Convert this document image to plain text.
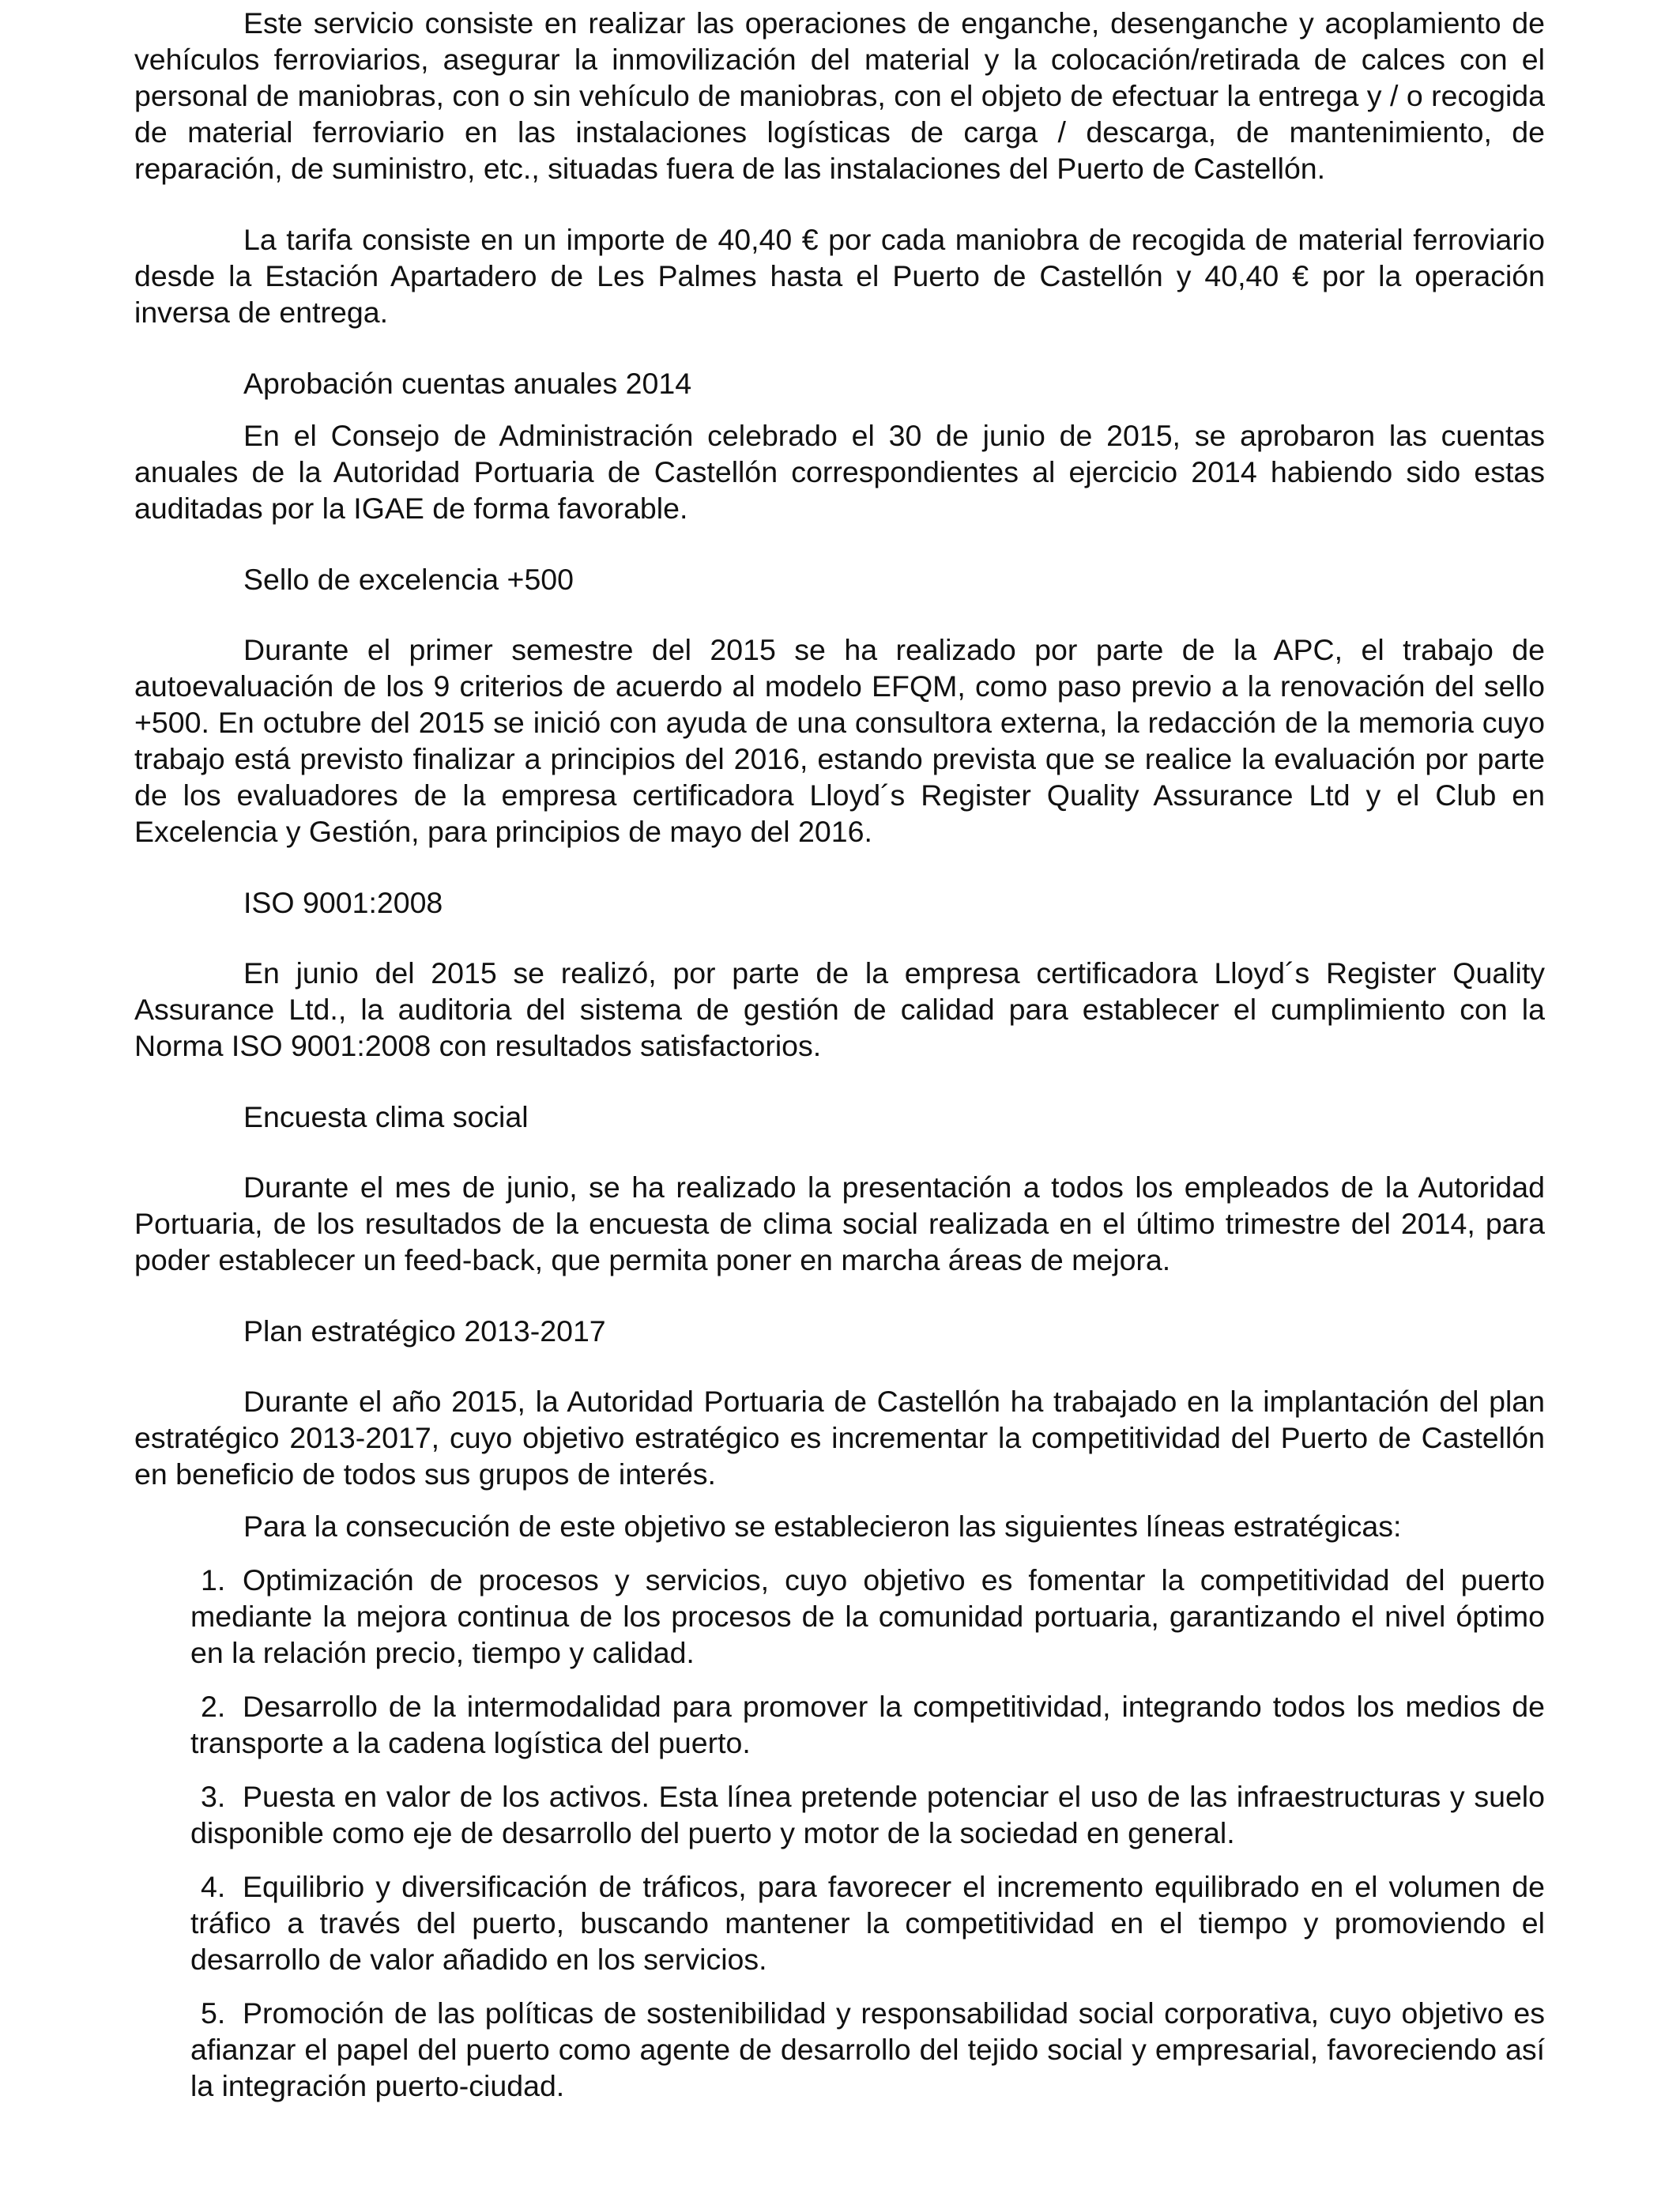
Este servicio consiste en realizar las operaciones de enganche, desenganche y acoplamiento de vehículos ferroviarios, asegurar la inmovilización del material y la colocación/retirada de calces con el personal de maniobras, con o sin vehículo de maniobras, con el objeto de efectuar la entrega y / o recogida de material ferroviario en las instalaciones logísticas de carga / descarga, de mantenimiento, de reparación, de suministro, etc., situadas fuera de las instalaciones del Puerto de Castellón.

La tarifa consiste en un importe de 40,40 € por cada maniobra de recogida de material ferroviario desde la Estación Apartadero de Les Palmes hasta el Puerto de Castellón y 40,40 € por la operación inversa de entrega.

Aprobación cuentas anuales 2014

En el Consejo de Administración celebrado el 30 de junio de 2015, se aprobaron las cuentas anuales de la Autoridad Portuaria de Castellón correspondientes al ejercicio 2014 habiendo sido estas auditadas por la IGAE de forma favorable.

Sello de excelencia +500

Durante el primer semestre del 2015 se ha realizado por parte de la APC, el trabajo de autoevaluación de los 9 criterios de acuerdo al modelo EFQM, como paso previo a la renovación del sello +500. En octubre del 2015 se inició con ayuda de una consultora externa, la redacción de la memoria cuyo trabajo está previsto finalizar a principios del 2016, estando prevista que se realice la evaluación por parte de los evaluadores de la empresa certificadora Lloyd´s Register Quality Assurance Ltd y el Club en Excelencia y Gestión, para principios de mayo del 2016.

ISO 9001:2008

En junio del 2015 se realizó, por parte de la empresa certificadora Lloyd´s Register Quality Assurance Ltd., la auditoria del sistema de gestión de calidad para establecer el cumplimiento con la Norma ISO 9001:2008 con resultados satisfactorios.

Encuesta clima social

Durante el mes de junio, se ha realizado la presentación a todos los empleados de la Autoridad Portuaria, de los resultados de la encuesta de clima social realizada en el último trimestre del 2014, para poder establecer un feed-back, que permita poner en marcha áreas de mejora.

Plan estratégico 2013-2017

Durante el año 2015, la Autoridad Portuaria de Castellón ha trabajado en la implantación del plan estratégico 2013-2017, cuyo objetivo estratégico es incrementar la competitividad del Puerto de Castellón en beneficio de todos sus grupos de interés.

Para la consecución de este objetivo se establecieron las siguientes líneas estratégicas:

1. Optimización de procesos y servicios, cuyo objetivo es fomentar la competitividad del puerto mediante la mejora continua de los procesos de la comunidad portuaria, garantizando el nivel óptimo en la relación precio, tiempo y calidad.

2. Desarrollo de la intermodalidad para promover la competitividad, integrando todos los medios de transporte a la cadena logística del puerto.

3. Puesta en valor de los activos. Esta línea pretende potenciar el uso de las infraestructuras y suelo disponible como eje de desarrollo del puerto y motor de la sociedad en general.

4. Equilibrio y diversificación de tráficos, para favorecer el incremento equilibrado en el volumen de tráfico a través del puerto, buscando mantener la competitividad en el tiempo y promoviendo el desarrollo de valor añadido en los servicios.

5. Promoción de las políticas de sostenibilidad y responsabilidad social corporativa, cuyo objetivo es afianzar el papel del puerto como agente de desarrollo del tejido social y empresarial, favoreciendo así la integración puerto-ciudad.
